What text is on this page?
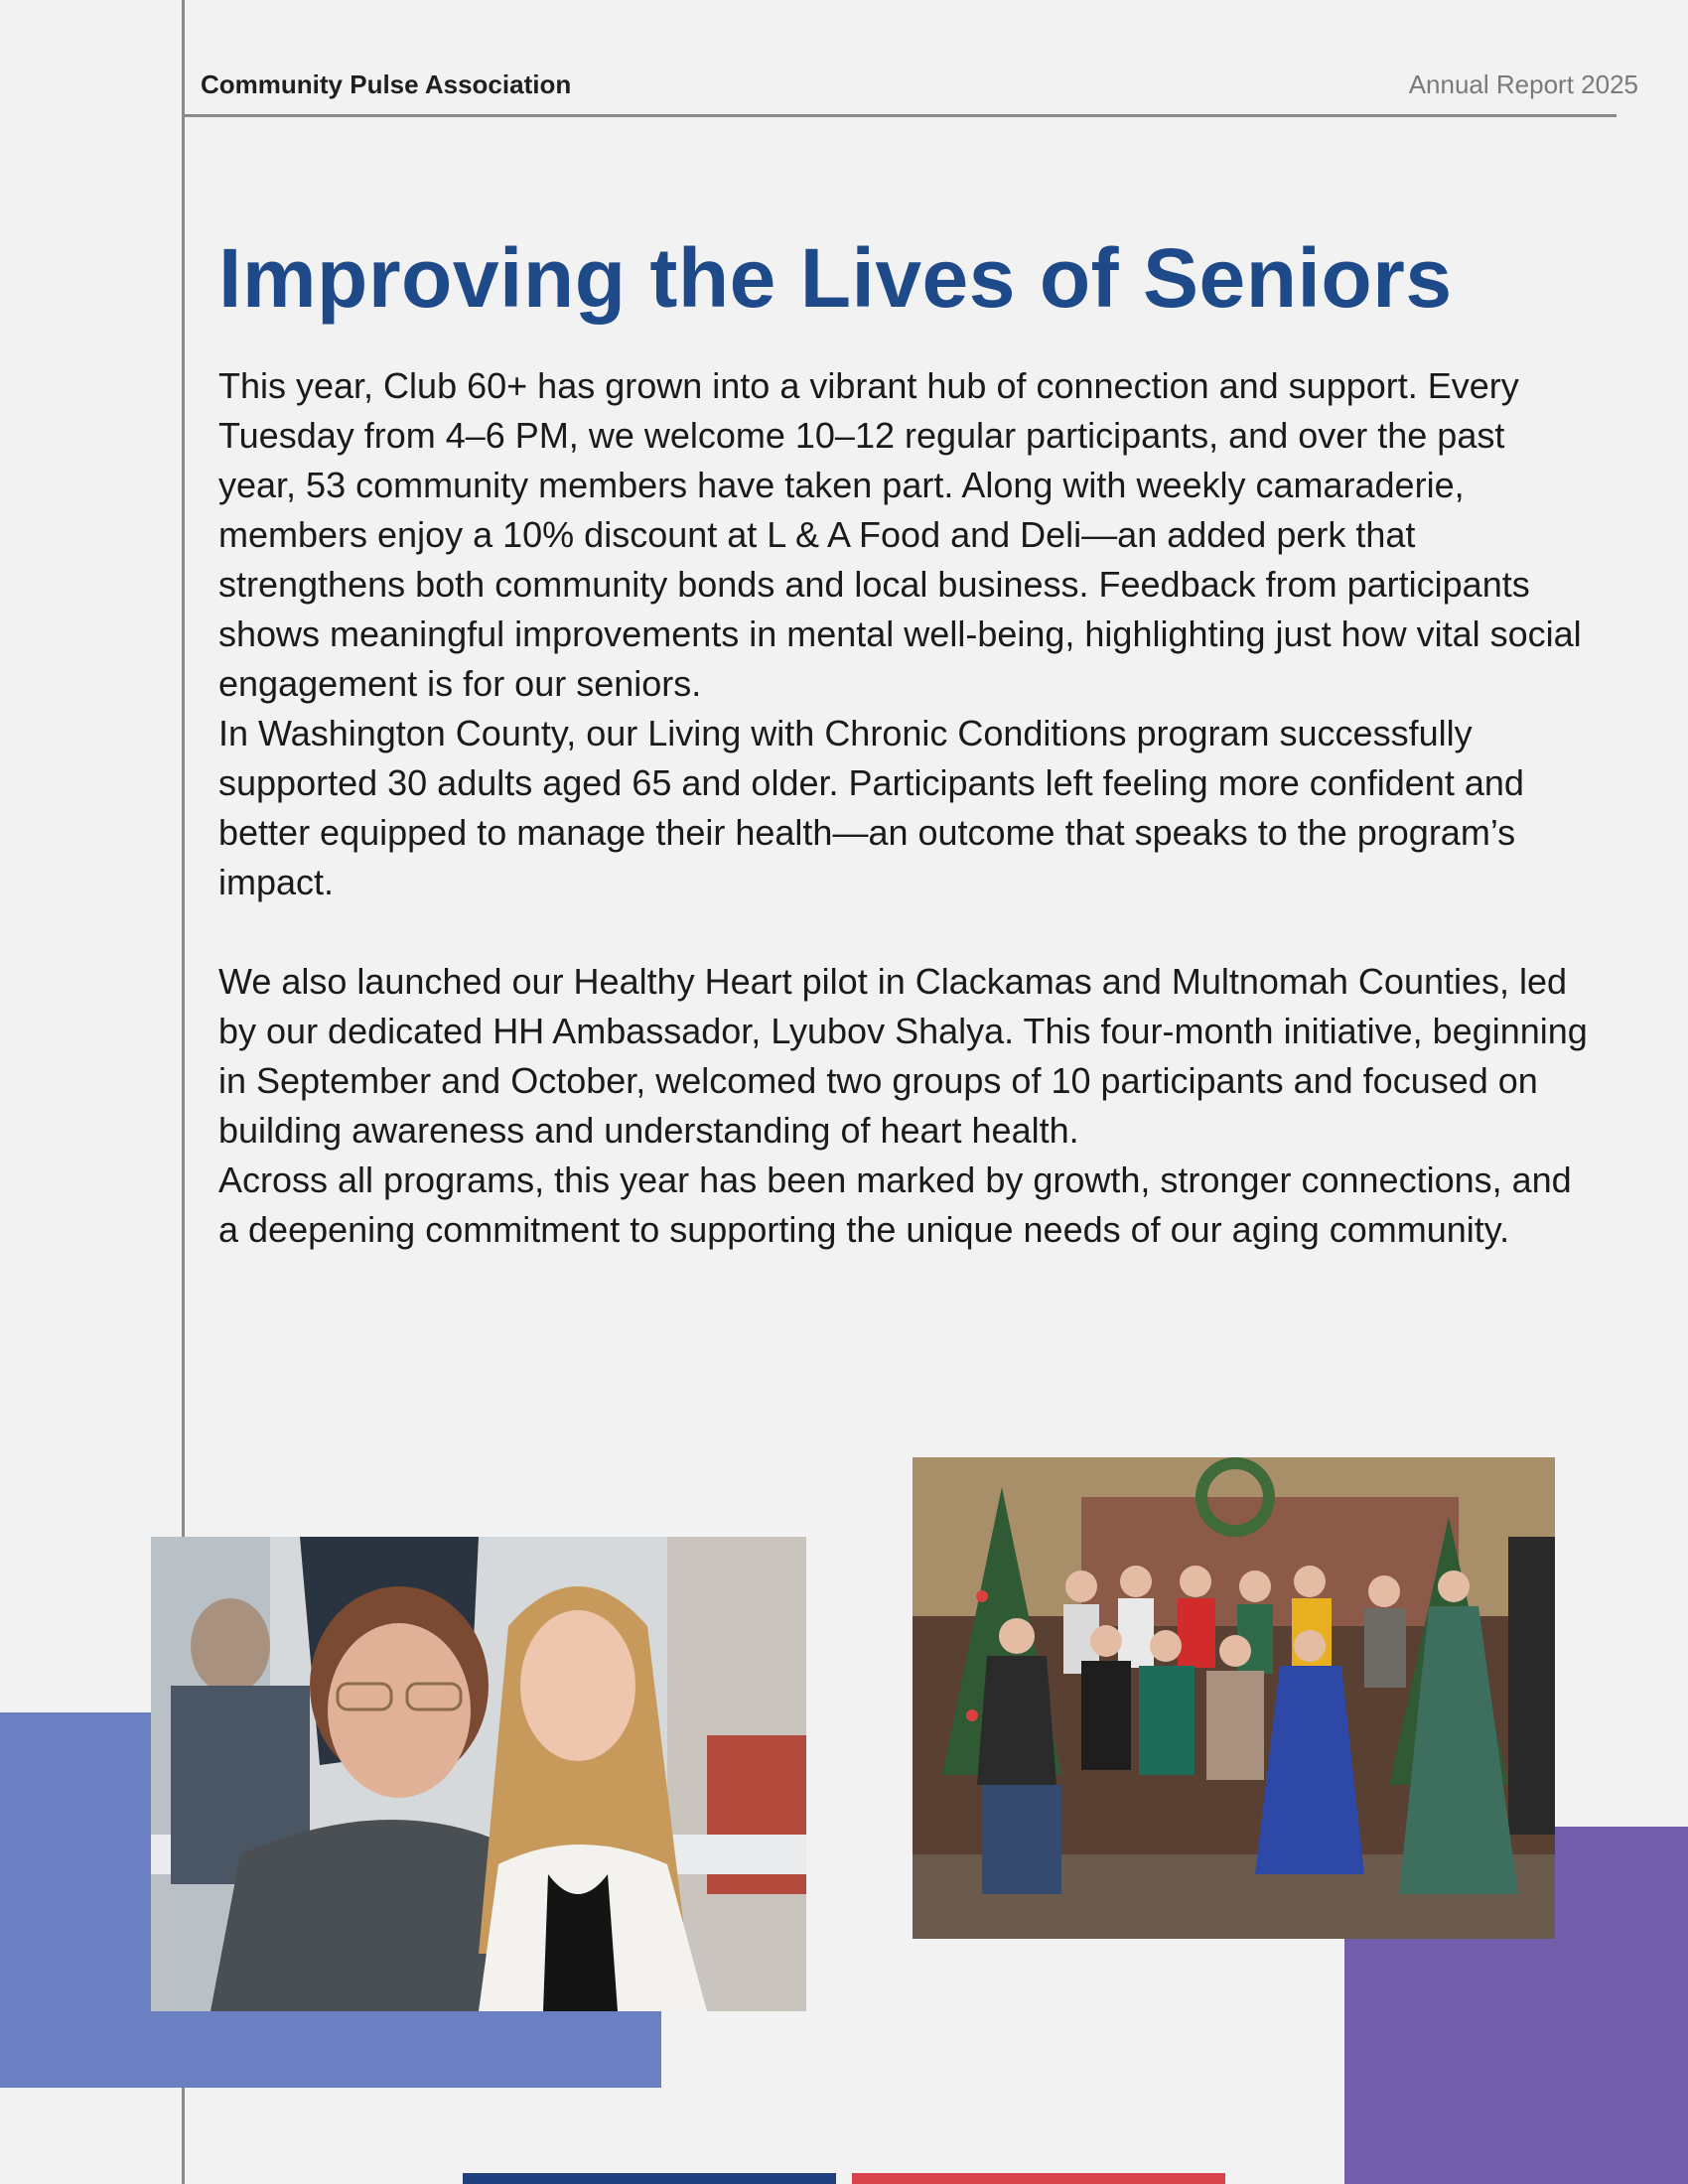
Community Pulse Association	Annual Report 2025
Improving the Lives of Seniors

This year, Club 60+ has grown into a vibrant hub of connection and support. Every Tuesday from 4–6 PM, we welcome 10–12 regular participants, and over the past year, 53 community members have taken part. Along with weekly camaraderie, members enjoy a 10% discount at L & A Food and Deli—an added perk that strengthens both community bonds and local business. Feedback from participants shows meaningful improvements in mental well-being, highlighting just how vital social engagement is for our seniors.

In Washington County, our Living with Chronic Conditions program successfully supported 30 adults aged 65 and older. Participants left feeling more confident and better equipped to manage their health—an outcome that speaks to the program’s impact.

We also launched our Healthy Heart pilot in Clackamas and Multnomah Counties, led by our dedicated HH Ambassador, Lyubov Shalya. This four-month initiative, beginning in September and October, welcomed two groups of 10 participants and focused on building awareness and understanding of heart health.

Across all programs, this year has been marked by growth, stronger connections, and a deepening commitment to supporting the unique needs of our aging community.
